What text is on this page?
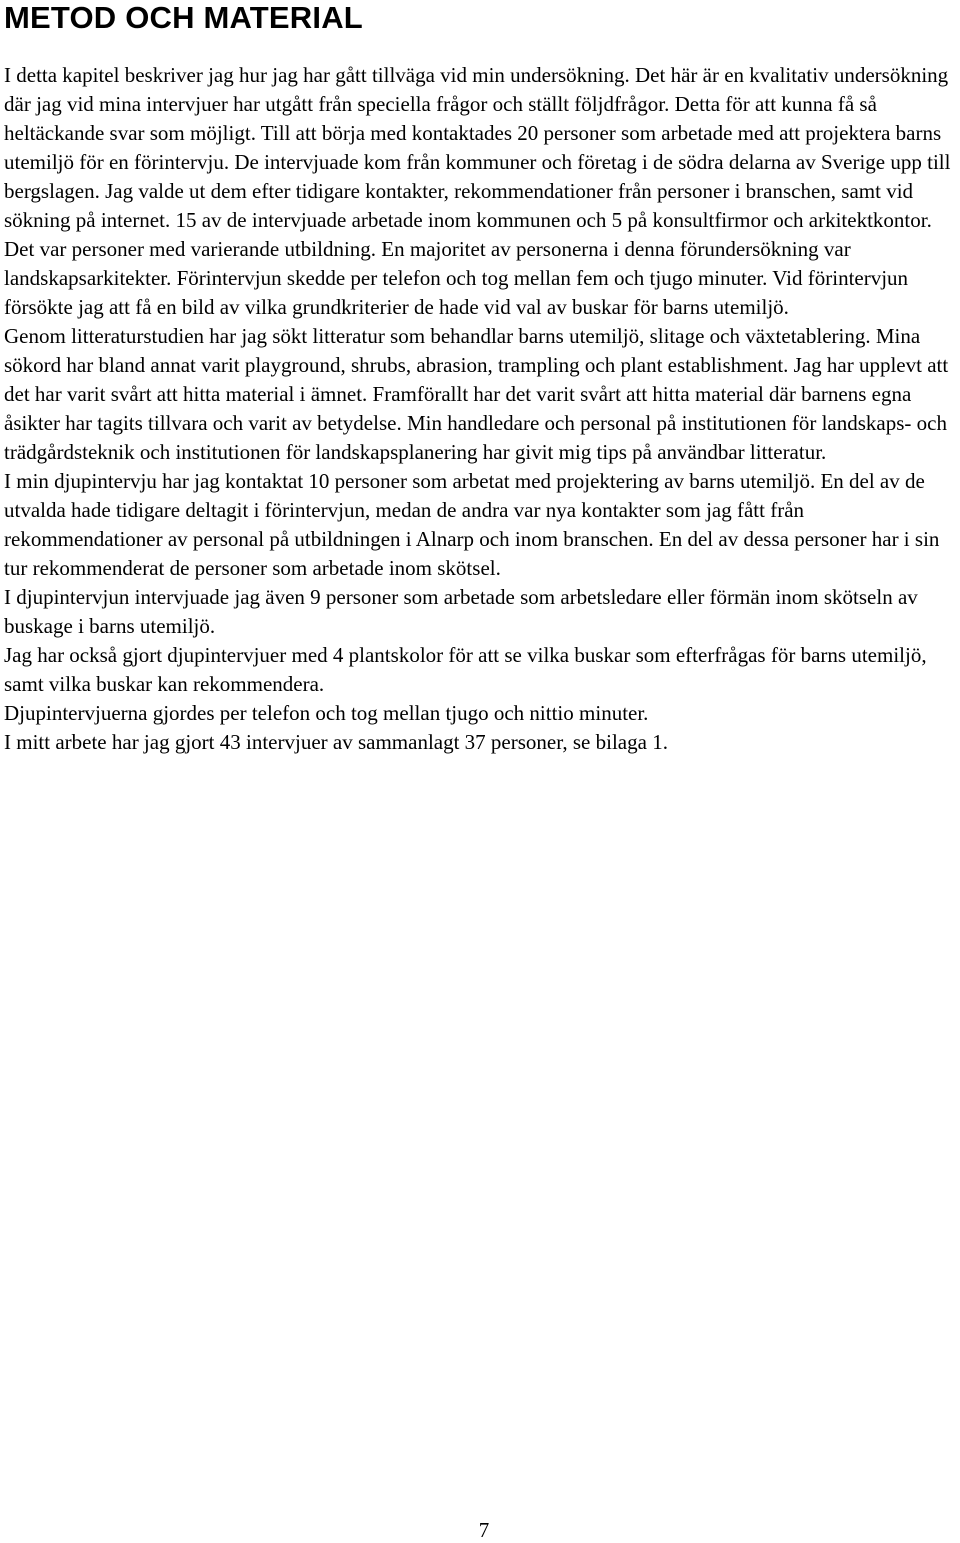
METOD OCH MATERIAL

I detta kapitel beskriver jag hur jag har gått tillväga vid min undersökning. Det här är en kvalitativ undersökning där jag vid mina intervjuer har utgått från speciella frågor och ställt följdfrågor. Detta för att kunna få så heltäckande svar som möjligt. Till att börja med kontaktades 20 personer som arbetade med att projektera barns utemiljö för en förintervju. De intervjuade kom från kommuner och företag i de södra delarna av Sverige upp till bergslagen. Jag valde ut dem efter tidigare kontakter, rekommendationer från personer i branschen, samt vid sökning på internet. 15 av de intervjuade arbetade inom kommunen och 5 på konsultfirmor och arkitektkontor. Det var personer med varierande utbildning. En majoritet av personerna i denna förundersökning var landskapsarkitekter. Förintervjun skedde per telefon och tog mellan fem och tjugo minuter. Vid förintervjun försökte jag att få en bild av vilka grundkriterier de hade vid val av buskar för barns utemiljö.

Genom litteraturstudien har jag sökt litteratur som behandlar barns utemiljö, slitage och växtetablering. Mina sökord har bland annat varit playground, shrubs, abrasion, trampling och plant establishment. Jag har upplevt att det har varit svårt att hitta material i ämnet. Framförallt har det varit svårt att hitta material där barnens egna åsikter har tagits tillvara och varit av betydelse. Min handledare och personal på institutionen för landskaps- och trädgårdsteknik och institutionen för landskapsplanering har givit mig tips på användbar litteratur.

I min djupintervju har jag kontaktat 10 personer som arbetat med projektering av barns utemiljö. En del av de utvalda hade tidigare deltagit i förintervjun, medan de andra var nya kontakter som jag fått från rekommendationer av personal på utbildningen i Alnarp och inom branschen. En del av dessa personer har i sin tur rekommenderat de personer som arbetade inom skötsel.

I djupintervjun intervjuade jag även 9 personer som arbetade som arbetsledare eller förmän inom skötseln av buskage i barns utemiljö.

Jag har också gjort djupintervjuer med 4 plantskolor för att se vilka buskar som efterfrågas för barns utemiljö, samt vilka buskar kan rekommendera.

Djupintervjuerna gjordes per telefon och tog mellan tjugo och nittio minuter.

I mitt arbete har jag gjort 43 intervjuer av sammanlagt 37 personer, se bilaga 1.

7
